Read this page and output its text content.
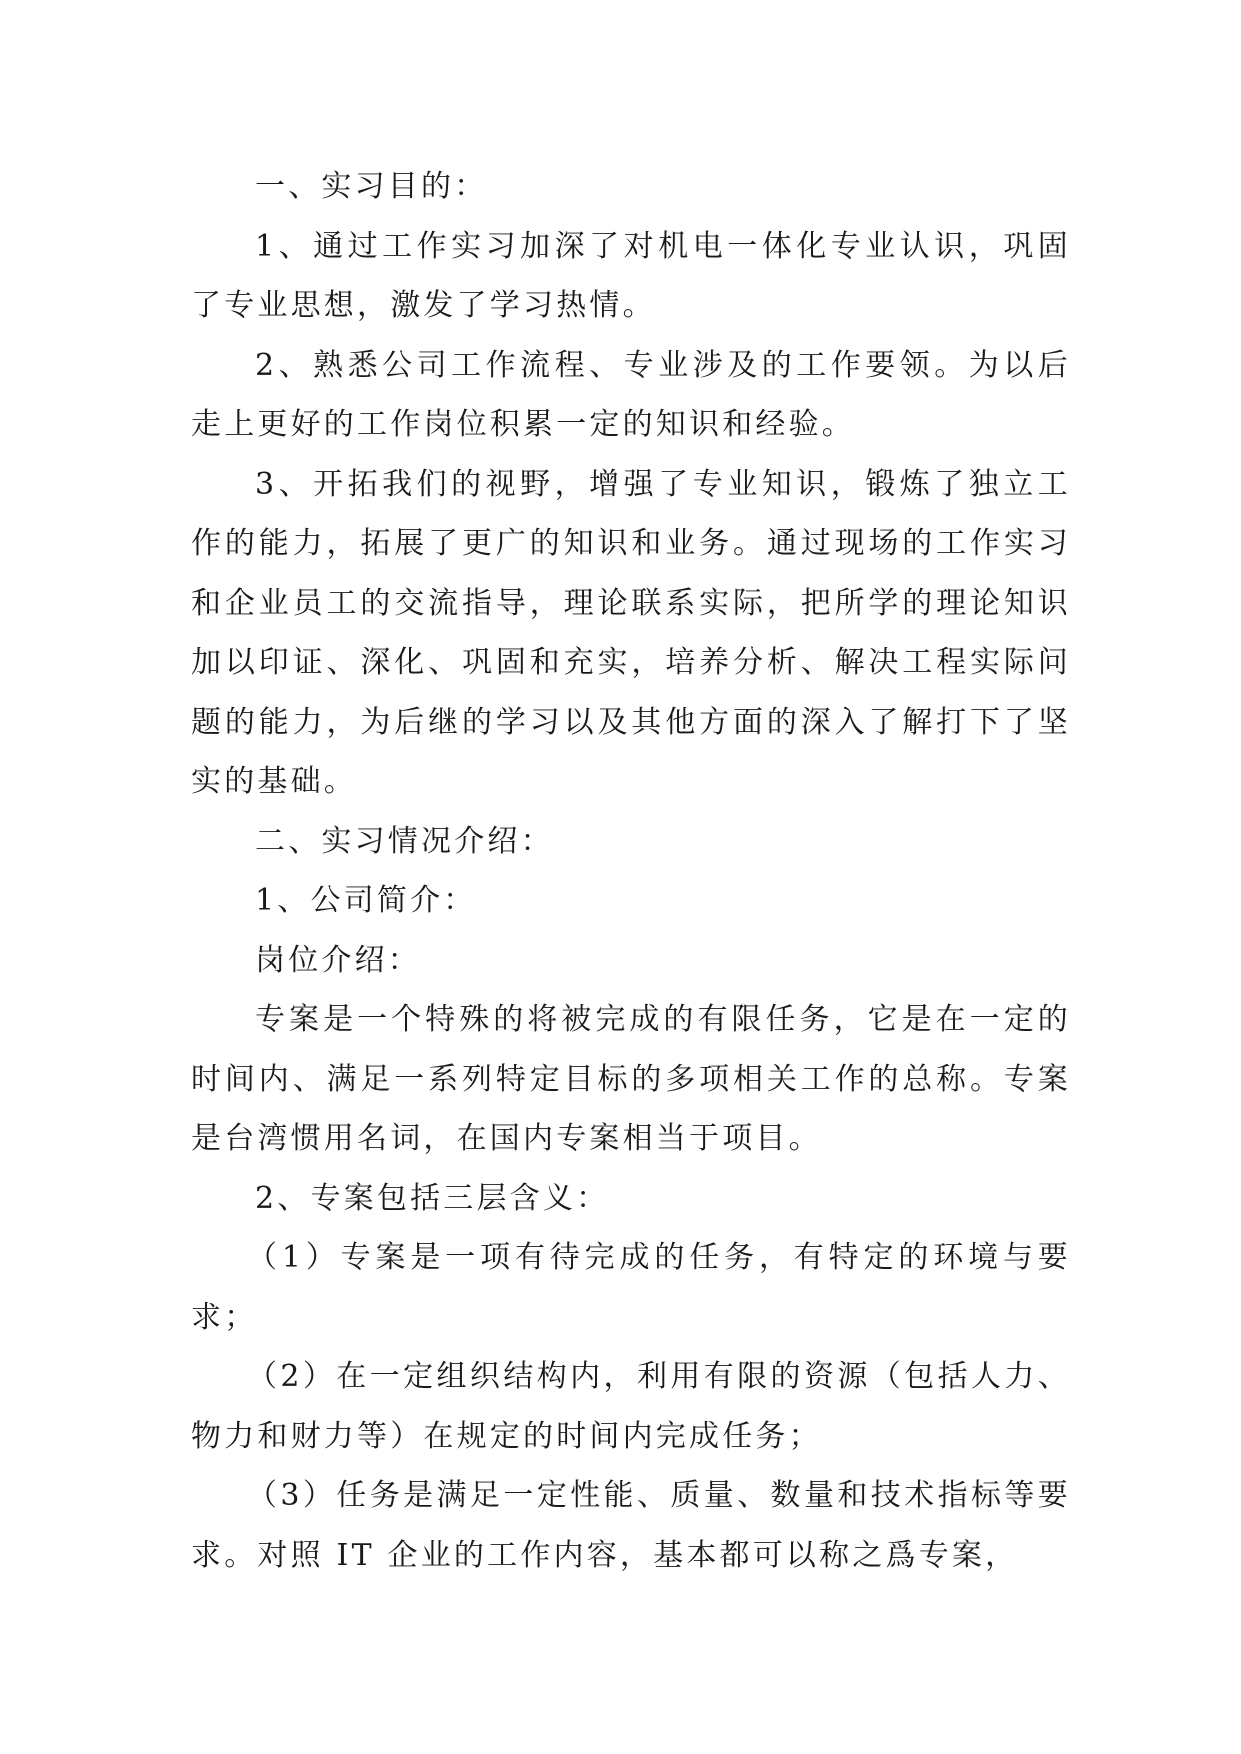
一、实习目的：

1、通过工作实习加深了对机电一体化专业认识，巩固了专业思想，激发了学习热情。

2、熟悉公司工作流程、专业涉及的工作要领。为以后走上更好的工作岗位积累一定的知识和经验。

3、开拓我们的视野，增强了专业知识，锻炼了独立工作的能力，拓展了更广的知识和业务。通过现场的工作实习和企业员工的交流指导，理论联系实际，把所学的理论知识加以印证、深化、巩固和充实，培养分析、解决工程实际问题的能力，为后继的学习以及其他方面的深入了解打下了坚实的基础。

二、实习情况介绍：

1、公司简介：

岗位介绍：

专案是一个特殊的将被完成的有限任务，它是在一定的时间内、满足一系列特定目标的多项相关工作的总称。专案是台湾惯用名词，在国内专案相当于项目。

2、专案包括三层含义：

（1）专案是一项有待完成的任务，有特定的环境与要求；

（2）在一定组织结构内，利用有限的资源（包括人力、物力和财力等）在规定的时间内完成任务；

（3）任务是满足一定性能、质量、数量和技术指标等要求。对照 IT 企业的工作内容，基本都可以称之爲专案，
